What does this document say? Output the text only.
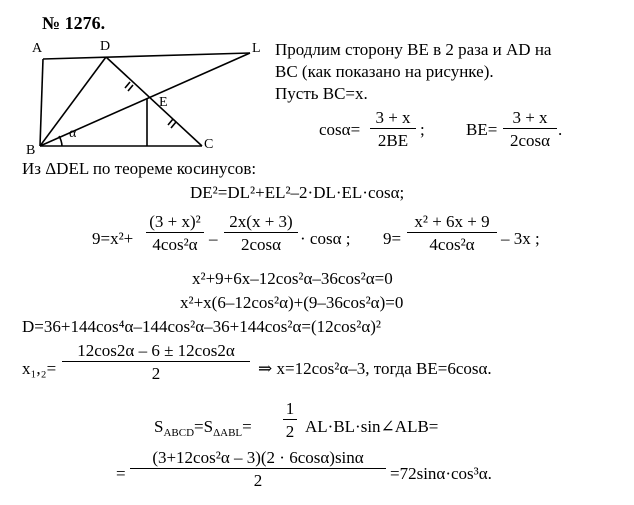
№ 1276.
A	D	L
E
B	C
α
Продлим сторону BE в 2 раза и AD на
BC (как показано на рисунке).
Пусть BC=x.
cosα=
3 + x
2BE
; BE=
3 + x
2cosα
.
Из ΔDEL по теореме косинусов:
DE²=DL²+EL²–2·DL·EL·cosα;
9=x²+
(3 + x)²
4cos²α –
2x(x + 3)
2cosα	· cosα ; 9=
x² + 6x + 9
4cos²α	– 3x ;
x²+9+6x–12cos²α–36cos²α=0
x²+x(6–12cos²α)+(9–36cos²α)=0
D=36+144cos⁴α–144cos²α–36+144cos²α=(12cos²α)²
x₁,₂=
12cos2α – 6 ± 12cos2α
2	⇒ x=12cos²α–3, тогда BE=6cosα.
$S_{ABCD}=S_{\Delta ABL}=$
1
2 AL·BL·sin∠ALB=
=
(3+12cos²α – 3)(2 · 6cosα)sinα
2	=72sinα·cos³α.
